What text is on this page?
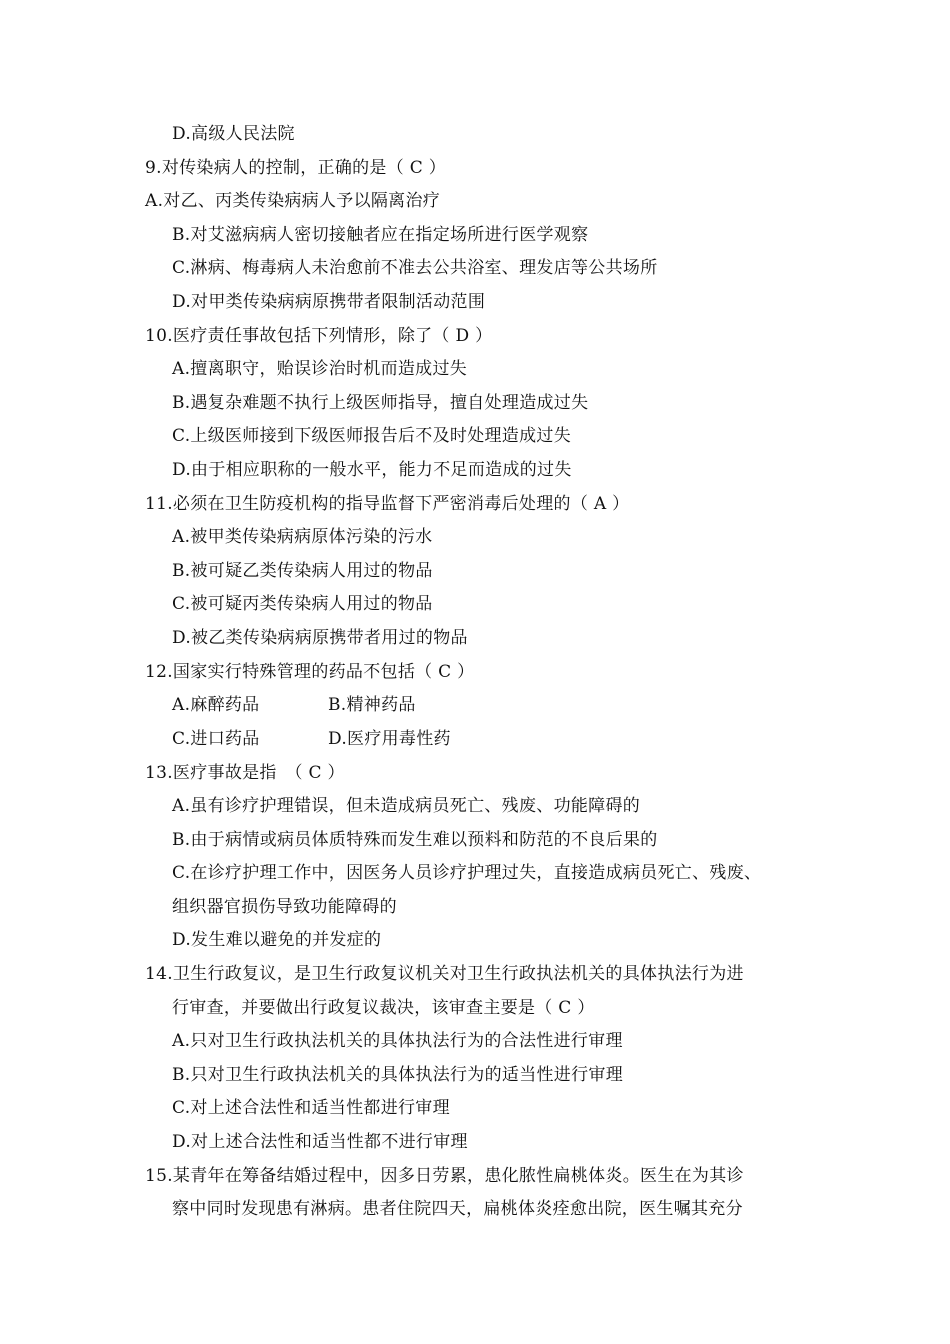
D.高级人民法院
9.对传染病人的控制，正确的是（ C ）
A.对乙、丙类传染病病人予以隔离治疗
B.对艾滋病病人密切接触者应在指定场所进行医学观察
C.淋病、梅毒病人未治愈前不准去公共浴室、理发店等公共场所
D.对甲类传染病病原携带者限制活动范围
10.医疗责任事故包括下列情形，除了（ D ）
A.擅离职守，贻误诊治时机而造成过失
B.遇复杂难题不执行上级医师指导，擅自处理造成过失
C.上级医师接到下级医师报告后不及时处理造成过失
D.由于相应职称的一般水平，能力不足而造成的过失
11.必须在卫生防疫机构的指导监督下严密消毒后处理的（ A ）
A.被甲类传染病病原体污染的污水
B.被可疑乙类传染病人用过的物品
C.被可疑丙类传染病人用过的物品
D.被乙类传染病病原携带者用过的物品
12.国家实行特殊管理的药品不包括（ C ）
A.麻醉药品	B.精神药品
C.进口药品	D.医疗用毒性药
13.医疗事故是指　（ C ）
A.虽有诊疗护理错误，但未造成病员死亡、残废、功能障碍的
B.由于病情或病员体质特殊而发生难以预料和防范的不良后果的
C.在诊疗护理工作中，因医务人员诊疗护理过失，直接造成病员死亡、残废、
组织器官损伤导致功能障碍的
D.发生难以避免的并发症的
14.卫生行政复议，是卫生行政复议机关对卫生行政执法机关的具体执法行为进
行审查，并要做出行政复议裁决，该审查主要是（ C ）
A.只对卫生行政执法机关的具体执法行为的合法性进行审理
B.只对卫生行政执法机关的具体执法行为的适当性进行审理
C.对上述合法性和适当性都进行审理
D.对上述合法性和适当性都不进行审理
15.某青年在筹备结婚过程中，因多日劳累，患化脓性扁桃体炎。医生在为其诊
察中同时发现患有淋病。患者住院四天，扁桃体炎痊愈出院，医生嘱其充分
